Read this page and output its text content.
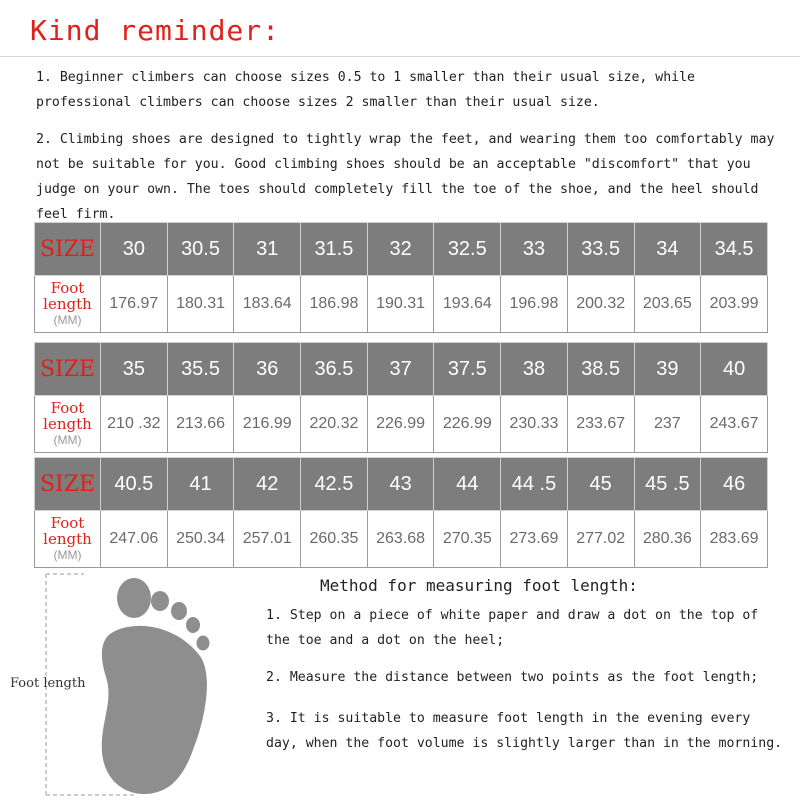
Kind reminder:
1. Beginner climbers can choose sizes 0.5 to 1 smaller than their usual size, while professional climbers can choose sizes 2 smaller than their usual size.
2. Climbing shoes are designed to tightly wrap the feet, and wearing them too comfortably may not be suitable for you. Good climbing shoes should be an acceptable "discomfort" that you judge on your own. The toes should completely fill the toe of the shoe, and the heel should feel firm.
SIZE	30	30.5	31	31.5	32	32.5	33	33.5	34	34.5

Foot
length
(MM)	176.97	180.31	183.64	186.98	190.31	193.64	196.98	200.32	203.65	203.99
SIZE	35	35.5	36	36.5	37	37.5	38	38.5	39	40

Foot
length
(MM)	210 .32	213.66	216.99	220.32	226.99	226.99	230.33	233.67	237	243.67
SIZE	40.5	41	42	42.5	43	44	44 .5	45	45 .5	46

Foot
length
(MM)	247.06	250.34	257.01	260.35	263.68	270.35	273.69	277.02	280.36	283.69
Foot length
Method for measuring foot length:
1. Step on a piece of white paper and draw a dot on the top of the toe and a dot on the heel;
2. Measure the distance between two points as the foot length;
3. It is suitable to measure foot length in the evening every day, when the foot volume is slightly larger than in the morning.
